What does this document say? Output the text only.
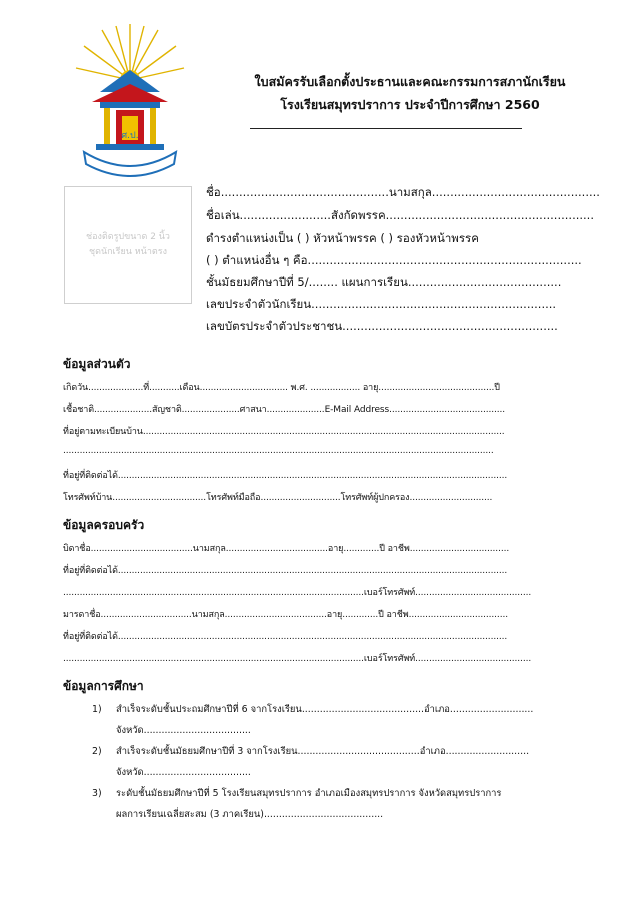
ศ.ป.
ใบสมัครรับเลือกตั้งประธานและคณะกรรมการสภานักเรียน
โรงเรียนสมุทรปราการ ประจำปีการศึกษา 2560
ช่องติดรูปขนาด 2 นิ้ว
ชุดนักเรียน หน้าตรง
ชื่อ..............................................นามสกุล..............................................
ชื่อเล่น.........................สังกัดพรรค.........................................................
ดำรงตำแหน่งเป็น ( ) หัวหน้าพรรค ( ) รองหัวหน้าพรรค
( ) ตำแหน่งอื่น ๆ คือ...........................................................................
ชั้นมัธยมศึกษาปีที่ 5/........ แผนการเรียน..........................................
เลขประจำตัวนักเรียน...................................................................
เลขบัตรประจำตัวประชาชน...........................................................
ข้อมูลส่วนตัว
เกิดวัน....................ที่...........เดือน................................ พ.ศ. .................. อายุ..........................................ปี
เชื้อชาติ.....................สัญชาติ.....................ศาสนา.....................E-Mail Address..........................................
ที่อยู่ตามทะเบียนบ้าน...................................................................................................................................
............................................................................................................................................................
ที่อยู่ที่ติดต่อได้.............................................................................................................................................
โทรศัพท์บ้าน..................................โทรศัพท์มือถือ.............................โทรศัพท์ผู้ปกครอง..............................
ข้อมูลครอบครัว
บิดาชื่อ.....................................นามสกุล.....................................อายุ.............ปี อาชีพ....................................
ที่อยู่ที่ติดต่อได้.............................................................................................................................................
.............................................................................................................เบอร์โทรศัพท์..........................................
มารดาชื่อ.................................นามสกุล.....................................อายุ.............ปี อาชีพ....................................
ที่อยู่ที่ติดต่อได้.............................................................................................................................................
.............................................................................................................เบอร์โทรศัพท์..........................................
ข้อมูลการศึกษา
1) สำเร็จระดับชั้นประถมศึกษาปีที่ 6 จากโรงเรียน.........................................อำเภอ............................
จังหวัด....................................
2) สำเร็จระดับชั้นมัธยมศึกษาปีที่ 3 จากโรงเรียน.........................................อำเภอ............................
จังหวัด....................................
3) ระดับชั้นมัธยมศึกษาปีที่ 5 โรงเรียนสมุทรปราการ อำเภอเมืองสมุทรปราการ จังหวัดสมุทรปราการ
ผลการเรียนเฉลี่ยสะสม (3 ภาคเรียน)........................................
